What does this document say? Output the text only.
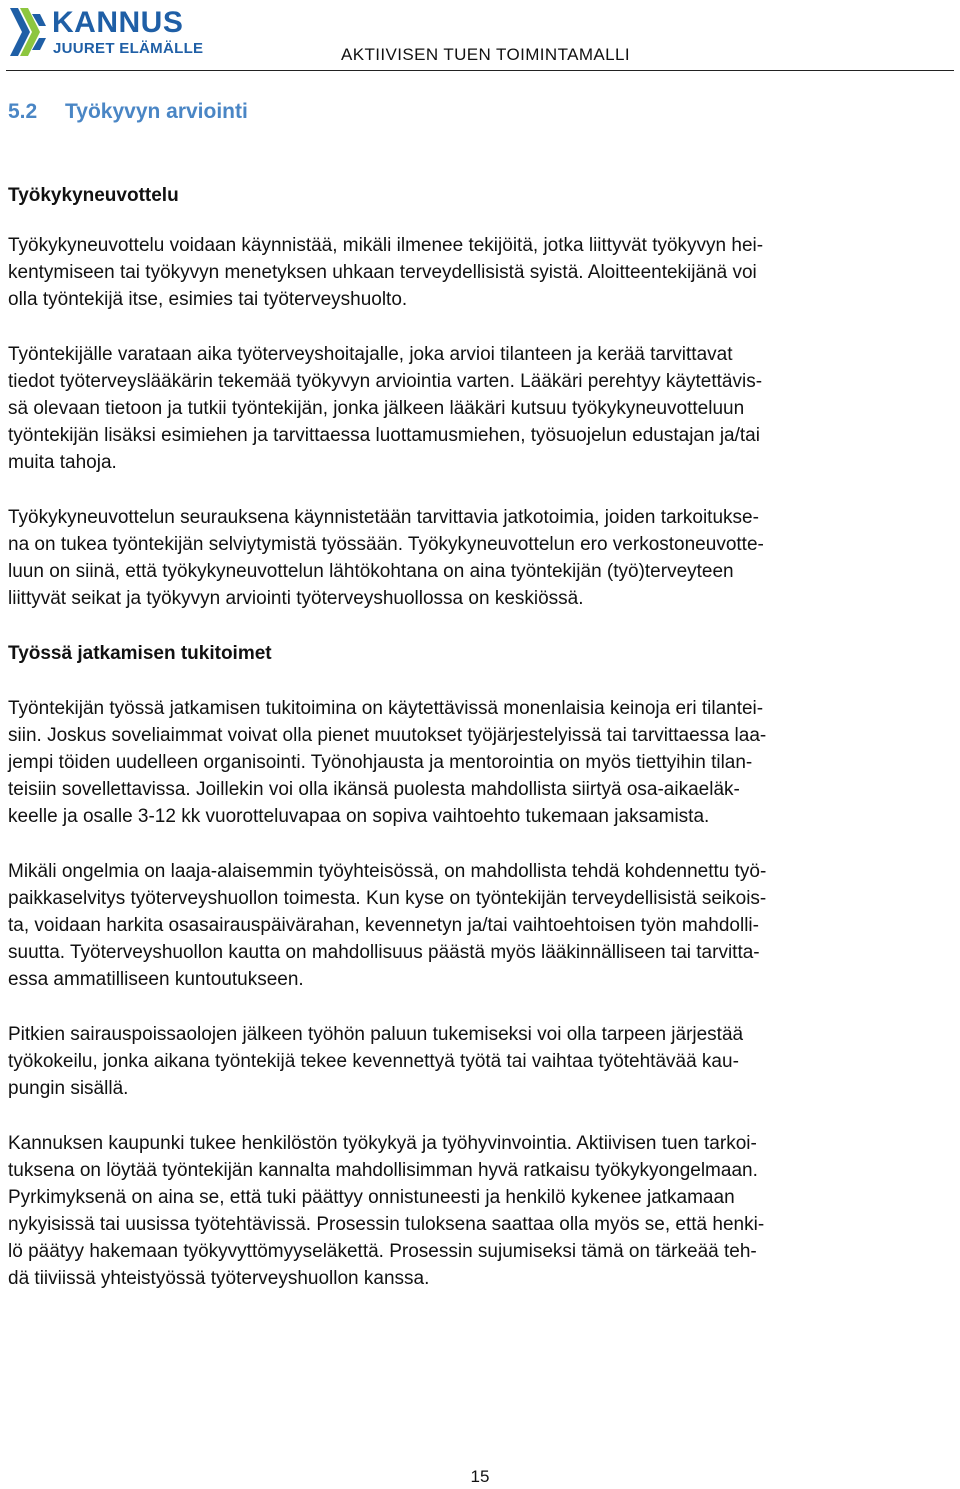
KANNUS
JUURET ELÄMÄLLE	AKTIIVISEN TUEN TOIMINTAMALLI
5.2 Työkyvyn arviointi
Työkykyneuvottelu

Työkykyneuvottelu voidaan käynnistää, mikäli ilmenee tekijöitä, jotka liittyvät työkyvyn hei-
kentymiseen tai työkyvyn menetyksen uhkaan terveydellisistä syistä. Aloitteentekijänä voi
olla työntekijä itse, esimies tai työterveyshuolto.

Työntekijälle varataan aika työterveyshoitajalle, joka arvioi tilanteen ja kerää tarvittavat
tiedot työterveyslääkärin tekemää työkyvyn arviointia varten. Lääkäri perehtyy käytettävis-
sä olevaan tietoon ja tutkii työntekijän, jonka jälkeen lääkäri kutsuu työkykyneuvotteluun
työntekijän lisäksi esimiehen ja tarvittaessa luottamusmiehen, työsuojelun edustajan ja/tai
muita tahoja.

Työkykyneuvottelun seurauksena käynnistetään tarvittavia jatkotoimia, joiden tarkoitukse-
na on tukea työntekijän selviytymistä työssään. Työkykyneuvottelun ero verkostoneuvotte-
luun on siinä, että työkykyneuvottelun lähtökohtana on aina työntekijän (työ)terveyteen
liittyvät seikat ja työkyvyn arviointi työterveyshuollossa on keskiössä.

Työssä jatkamisen tukitoimet

Työntekijän työssä jatkamisen tukitoimina on käytettävissä monenlaisia keinoja eri tilantei-
siin. Joskus soveliaimmat voivat olla pienet muutokset työjärjestelyissä tai tarvittaessa laa-
jempi töiden uudelleen organisointi. Työnohjausta ja mentorointia on myös tiettyihin tilan-
teisiin sovellettavissa. Joillekin voi olla ikänsä puolesta mahdollista siirtyä osa-aikaeläk-
keelle ja osalle 3-12 kk vuorotteluvapaa on sopiva vaihtoehto tukemaan jaksamista.

Mikäli ongelmia on laaja-alaisemmin työyhteisössä, on mahdollista tehdä kohdennettu työ-
paikkaselvitys työterveyshuollon toimesta. Kun kyse on työntekijän terveydellisistä seikois-
ta, voidaan harkita osasairauspäivärahan, kevennetyn ja/tai vaihtoehtoisen työn mahdolli-
suutta. Työterveyshuollon kautta on mahdollisuus päästä myös lääkinnälliseen tai tarvitta-
essa ammatilliseen kuntoutukseen.

Pitkien sairauspoissaolojen jälkeen työhön paluun tukemiseksi voi olla tarpeen järjestää
työkokeilu, jonka aikana työntekijä tekee kevennettyä työtä tai vaihtaa työtehtävää kau-
pungin sisällä.

Kannuksen kaupunki tukee henkilöstön työkykyä ja työhyvinvointia. Aktiivisen tuen tarkoi-
tuksena on löytää työntekijän kannalta mahdollisimman hyvä ratkaisu työkykyongelmaan.
Pyrkimyksenä on aina se, että tuki päättyy onnistuneesti ja henkilö kykenee jatkamaan
nykyisissä tai uusissa työtehtävissä. Prosessin tuloksena saattaa olla myös se, että henki-
lö päätyy hakemaan työkyvyttömyyseläkettä. Prosessin sujumiseksi tämä on tärkeää teh-
dä tiiviissä yhteistyössä työterveyshuollon kanssa.

15
